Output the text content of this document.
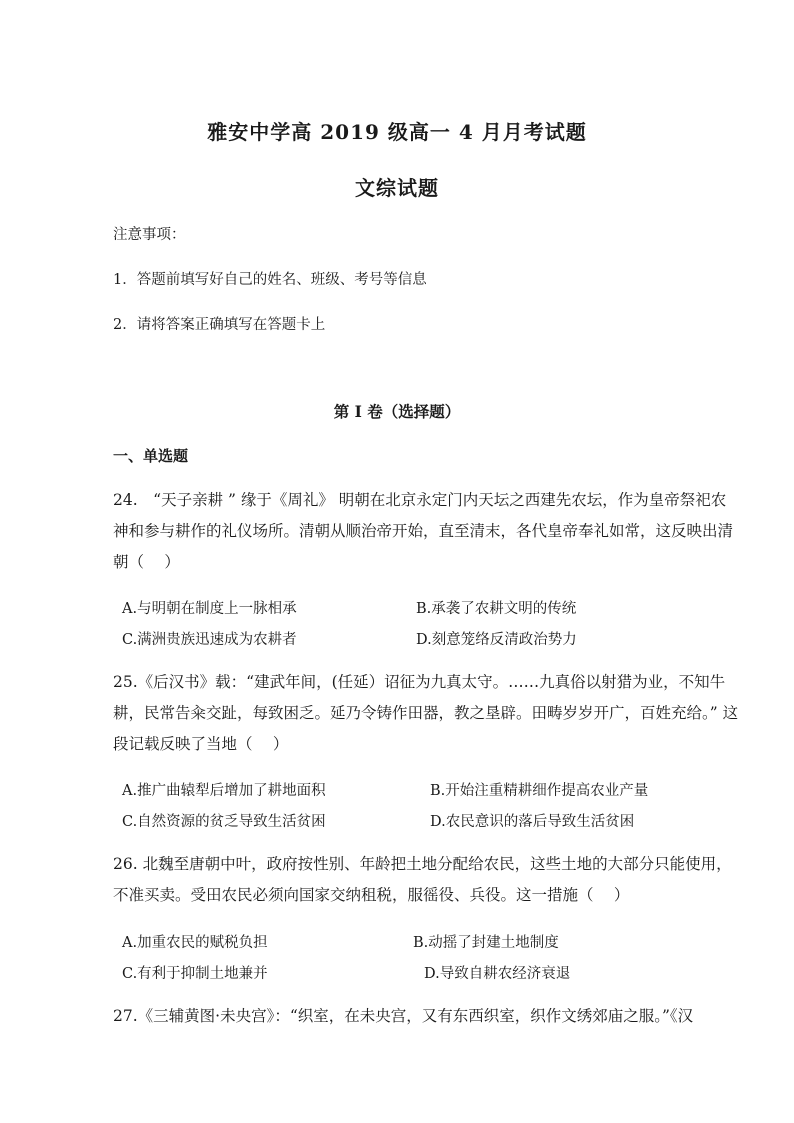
雅安中学高 2019 级高一 4 月月考试题
文综试题
注意事项：
1．答题前填写好自己的姓名、班级、考号等信息
2．请将答案正确填写在答题卡上
第 I 卷（选择题）
一、单选题
24.　“天子亲耕 ” 缘于《周礼》 明朝在北京永定门内天坛之西建先农坛，作为皇帝祭祀农
神和参与耕作的礼仪场所。清朝从顺治帝开始，直至清末，各代皇帝奉礼如常，这反映出清
朝（　 ）
A.与明朝在制度上一脉相承	B.承袭了农耕文明的传统
C.满洲贵族迅速成为农耕者	D.刻意笼络反清政治势力
25.《后汉书》载：“建武年间，(任延）诏征为九真太守。……九真俗以射猎为业，不知牛
耕，民常告籴交趾，每致困乏。延乃令铸作田器，教之垦辟。田畴岁岁开广，百姓充给。” 这
段记载反映了当地（　 ）
A.推广曲辕犁后增加了耕地面积	B.开始注重精耕细作提高农业产量
C.自然资源的贫乏导致生活贫困	D.农民意识的落后导致生活贫困
26. 北魏至唐朝中叶，政府按性别、年龄把土地分配给农民，这些土地的大部分只能使用，
不准买卖。受田农民必须向国家交纳租税，服徭役、兵役。这一措施（　 ）
A.加重农民的赋税负担	B.动摇了封建土地制度
C.有利于抑制土地兼并	D.导致自耕农经济衰退
27.《三辅黄图·未央宫》：“织室，在未央宫，又有东西织室，织作文绣郊庙之服。”《汉
